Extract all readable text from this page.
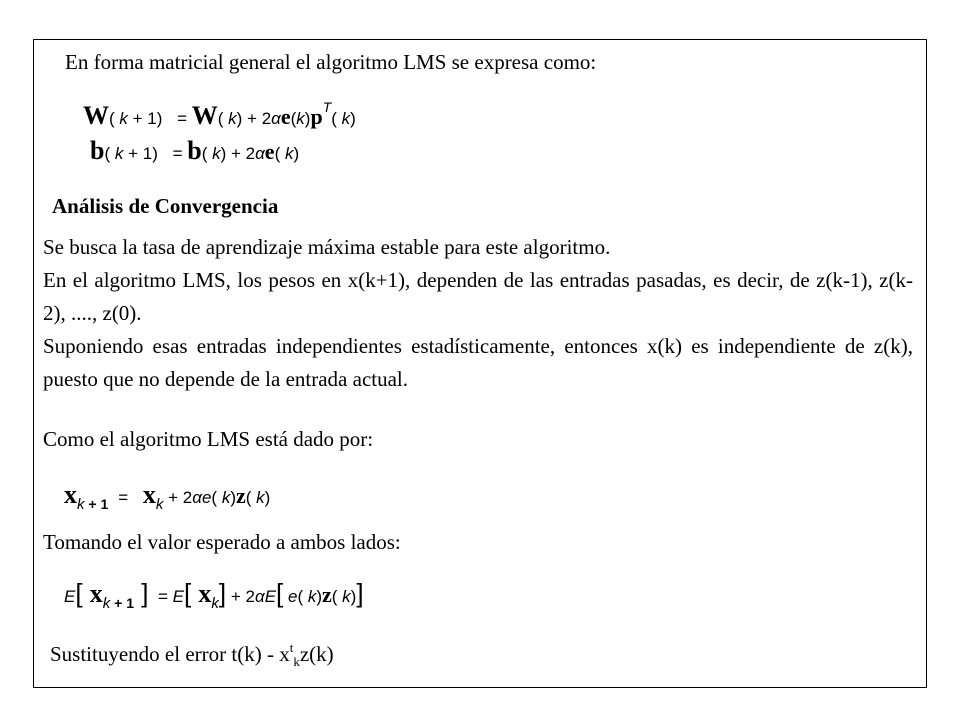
En forma matricial general el algoritmo LMS se expresa como:
W( k + 1) = W( $k) + 2\alpha e(k)p^T$( k)
b( k + 1) = b( k) + 2αe( k)
Análisis de Convergencia

Se busca la tasa de aprendizaje máxima estable para este algoritmo.

En el algoritmo LMS, los pesos en x(k+1), dependen de las entradas pasadas, es decir, de z(k-1), z(k-2), ...., z(0).

Suponiendo esas entradas independientes estadísticamente, entonces x(k) es independiente de z(k), puesto que no depende de la entrada actual.

Como el algoritmo LMS está dado por:
$x_k$ $_{+ 1} = x_k + 2\alpha e$( k)z( k)
Tomando el valor esperado a ambos lados:
E[ $x_k$ $_{+ 1}$ ]  = E[ $x_k] + 2\alpha E$[ e( k)z( k)]
Sustituyendo el error $t(k) - x^t_kz(k)$
